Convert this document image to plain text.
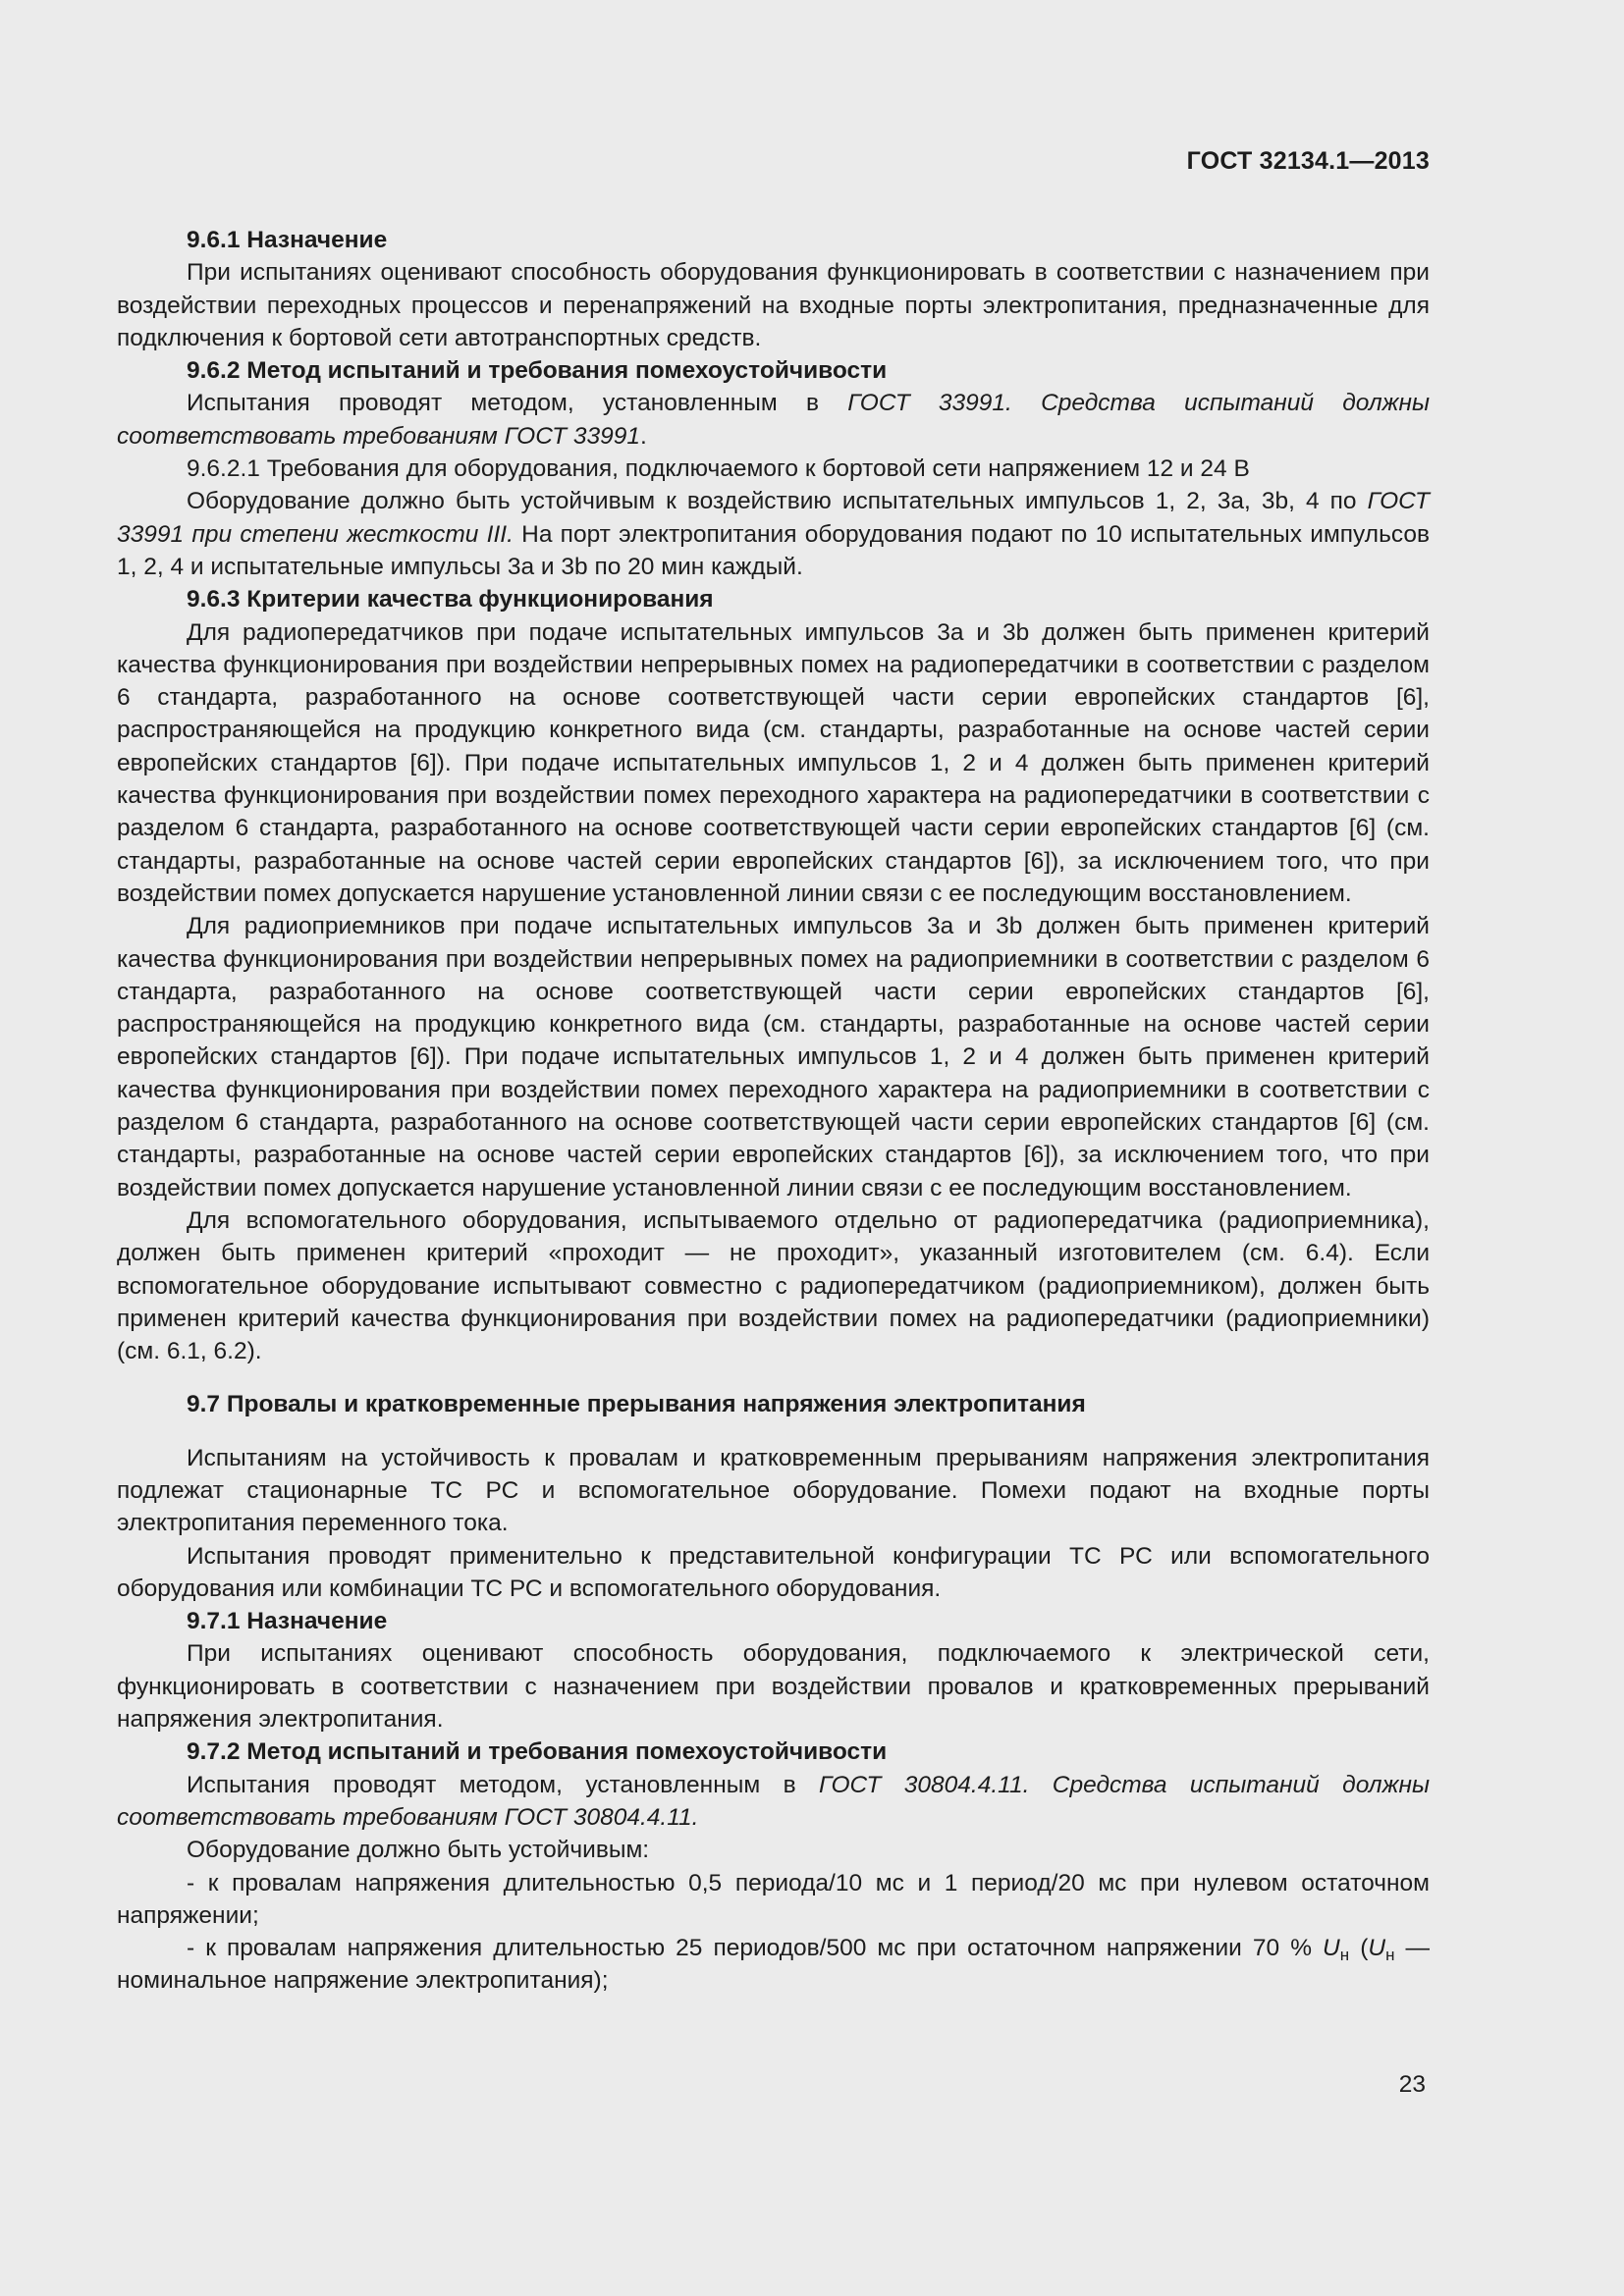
ГОСТ 32134.1—2013

9.6.1 Назначение

При испытаниях оценивают способность оборудования функционировать в соответствии с назначением при воздействии переходных процессов и перенапряжений на входные порты электропитания, предназначенные для подключения к бортовой сети автотранспортных средств.

9.6.2 Метод испытаний и требования помехоустойчивости

Испытания проводят методом, установленным в ГОСТ 33991. Средства испытаний должны соответствовать требованиям ГОСТ 33991.

9.6.2.1 Требования для оборудования, подключаемого к бортовой сети напряжением 12 и 24 В

Оборудование должно быть устойчивым к воздействию испытательных импульсов 1, 2, 3а, 3b, 4 по ГОСТ 33991 при степени жесткости III. На порт электропитания оборудования подают по 10 испытательных импульсов 1, 2, 4 и испытательные импульсы 3а и 3b по 20 мин каждый.

9.6.3 Критерии качества функционирования

Для радиопередатчиков при подаче испытательных импульсов 3а и 3b должен быть применен критерий качества функционирования при воздействии непрерывных помех на радиопередатчики в соответствии с разделом 6 стандарта, разработанного на основе соответствующей части серии европейских стандартов [6], распространяющейся на продукцию конкретного вида (см. стандарты, разработанные на основе частей серии европейских стандартов [6]). При подаче испытательных импульсов 1, 2 и 4 должен быть применен критерий качества функционирования при воздействии помех переходного характера на радиопередатчики в соответствии с разделом 6 стандарта, разработанного на основе соответствующей части серии европейских стандартов [6] (см. стандарты, разработанные на основе частей серии европейских стандартов [6]), за исключением того, что при воздействии помех допускается нарушение установленной линии связи с ее последующим восстановлением.

Для радиоприемников при подаче испытательных импульсов 3а и 3b должен быть применен критерий качества функционирования при воздействии непрерывных помех на радиоприемники в соответствии с разделом 6 стандарта, разработанного на основе соответствующей части серии европейских стандартов [6], распространяющейся на продукцию конкретного вида (см. стандарты, разработанные на основе частей серии европейских стандартов [6]). При подаче испытательных импульсов 1, 2 и 4 должен быть применен критерий качества функционирования при воздействии помех переходного характера на радиоприемники в соответствии с разделом 6 стандарта, разработанного на основе соответствующей части серии европейских стандартов [6] (см. стандарты, разработанные на основе частей серии европейских стандартов [6]), за исключением того, что при воздействии помех допускается нарушение установленной линии связи с ее последующим восстановлением.

Для вспомогательного оборудования, испытываемого отдельно от радиопередатчика (радиоприемника), должен быть применен критерий «проходит — не проходит», указанный изготовителем (см. 6.4). Если вспомогательное оборудование испытывают совместно с радиопередатчиком (радиоприемником), должен быть применен критерий качества функционирования при воздействии помех на радиопередатчики (радиоприемники) (см. 6.1, 6.2).

9.7 Провалы и кратковременные прерывания напряжения электропитания

Испытаниям на устойчивость к провалам и кратковременным прерываниям напряжения электропитания подлежат стационарные ТС РС и вспомогательное оборудование. Помехи подают на входные порты электропитания переменного тока.

Испытания проводят применительно к представительной конфигурации ТС РС или вспомогательного оборудования или комбинации ТС РС и вспомогательного оборудования.

9.7.1 Назначение

При испытаниях оценивают способность оборудования, подключаемого к электрической сети, функционировать в соответствии с назначением при воздействии провалов и кратковременных прерываний напряжения электропитания.

9.7.2 Метод испытаний и требования помехоустойчивости

Испытания проводят методом, установленным в ГОСТ 30804.4.11. Средства испытаний должны соответствовать требованиям ГОСТ 30804.4.11.

Оборудование должно быть устойчивым:

- к провалам напряжения длительностью 0,5 периода/10 мс и 1 период/20 мс при нулевом остаточном напряжении;

- к провалам напряжения длительностью 25 периодов/500 мс при остаточном напряжении 70 % $U_н$ ($U_н$ — номинальное напряжение электропитания);

23
